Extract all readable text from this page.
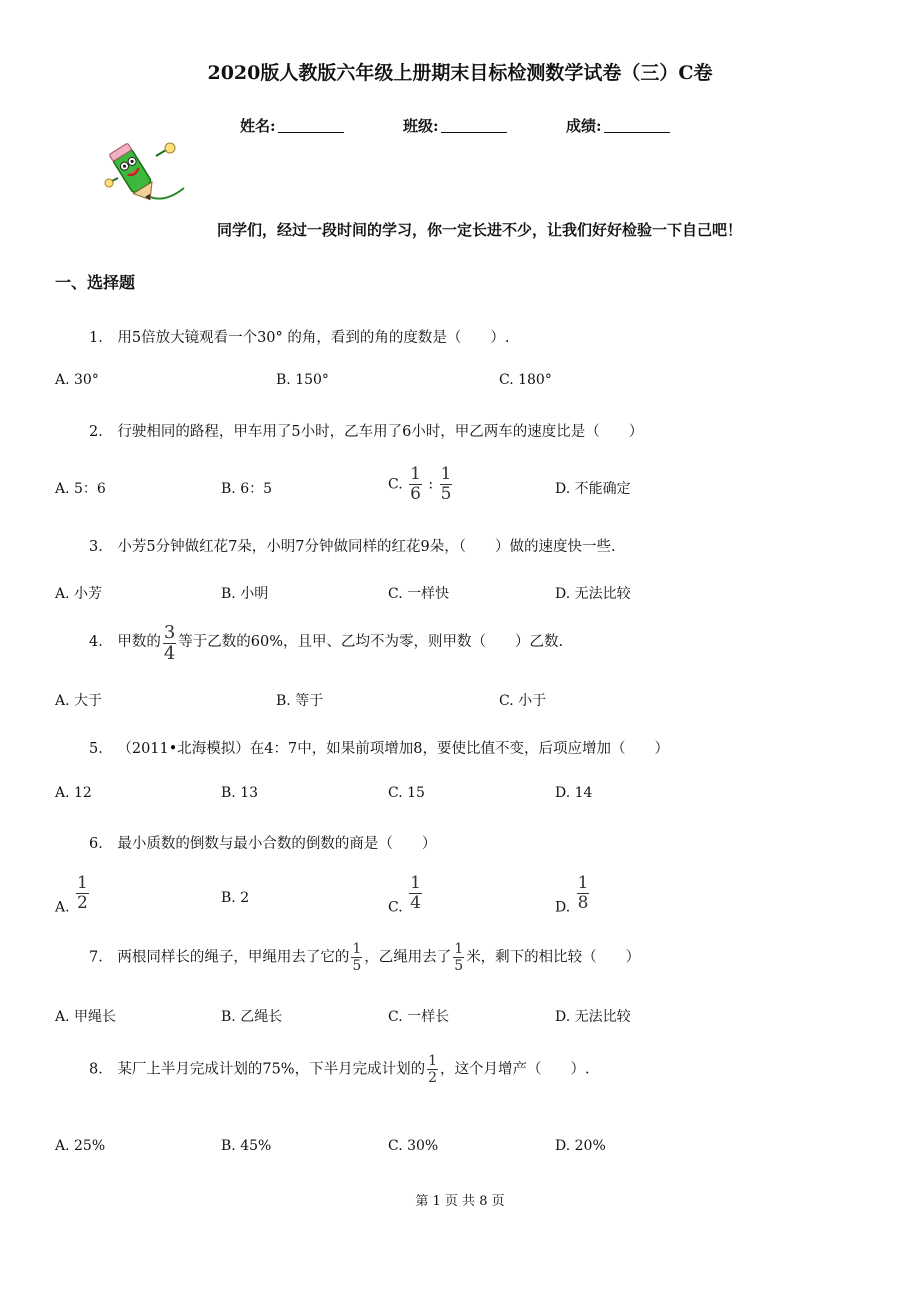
2020版人教版六年级上册期末目标检测数学试卷（三）C卷
姓名:	班级:	成绩:
同学们，经过一段时间的学习，你一定长进不少，让我们好好检验一下自己吧！
一、选择题
1． 用5倍放大镜观看一个30° 的角，看到的角的度数是（　　）.
A. 30°	B. 150°	C. 180°
2． 行驶相同的路程，甲车用了5小时，乙车用了6小时，甲乙两车的速度比是（　　）
A. 5：6	B. 6：5	C. $\frac{1}{6}$ : $\frac{1}{5}$	D. 不能确定
3． 小芳5分钟做红花7朵，小明7分钟做同样的红花9朵，（　　）做的速度快一些.
A. 小芳	B. 小明	C. 一样快	D. 无法比较
4． 甲数的 $\frac{3}{4}$ 等于乙数的60%，且甲、乙均不为零，则甲数（　　）乙数.
A. 大于	B. 等于	C. 小于
5． （2011•北海模拟）在4：7中，如果前项增加8，要使比值不变，后项应增加（　　）
A. 12	B. 13	C. 15	D. 14
6． 最小质数的倒数与最小合数的倒数的商是（　　）
A. $\frac{1}{2}$	B. 2
C. $\frac{1}{4}$	D. $\frac{1}{8}$
7． 两根同样长的绳子，甲绳用去了它的 $\frac{1}{5}$ ，乙绳用去了 $\frac{1}{5}$ 米，剩下的相比较（　　）
A. 甲绳长	B. 乙绳长	C. 一样长	D. 无法比较
8． 某厂上半月完成计划的75%，下半月完成计划的 $\frac{1}{2}$ ，这个月增产（　　）.
A. 25%	B. 45%	C. 30%	D. 20%
第 1 页 共 8 页
